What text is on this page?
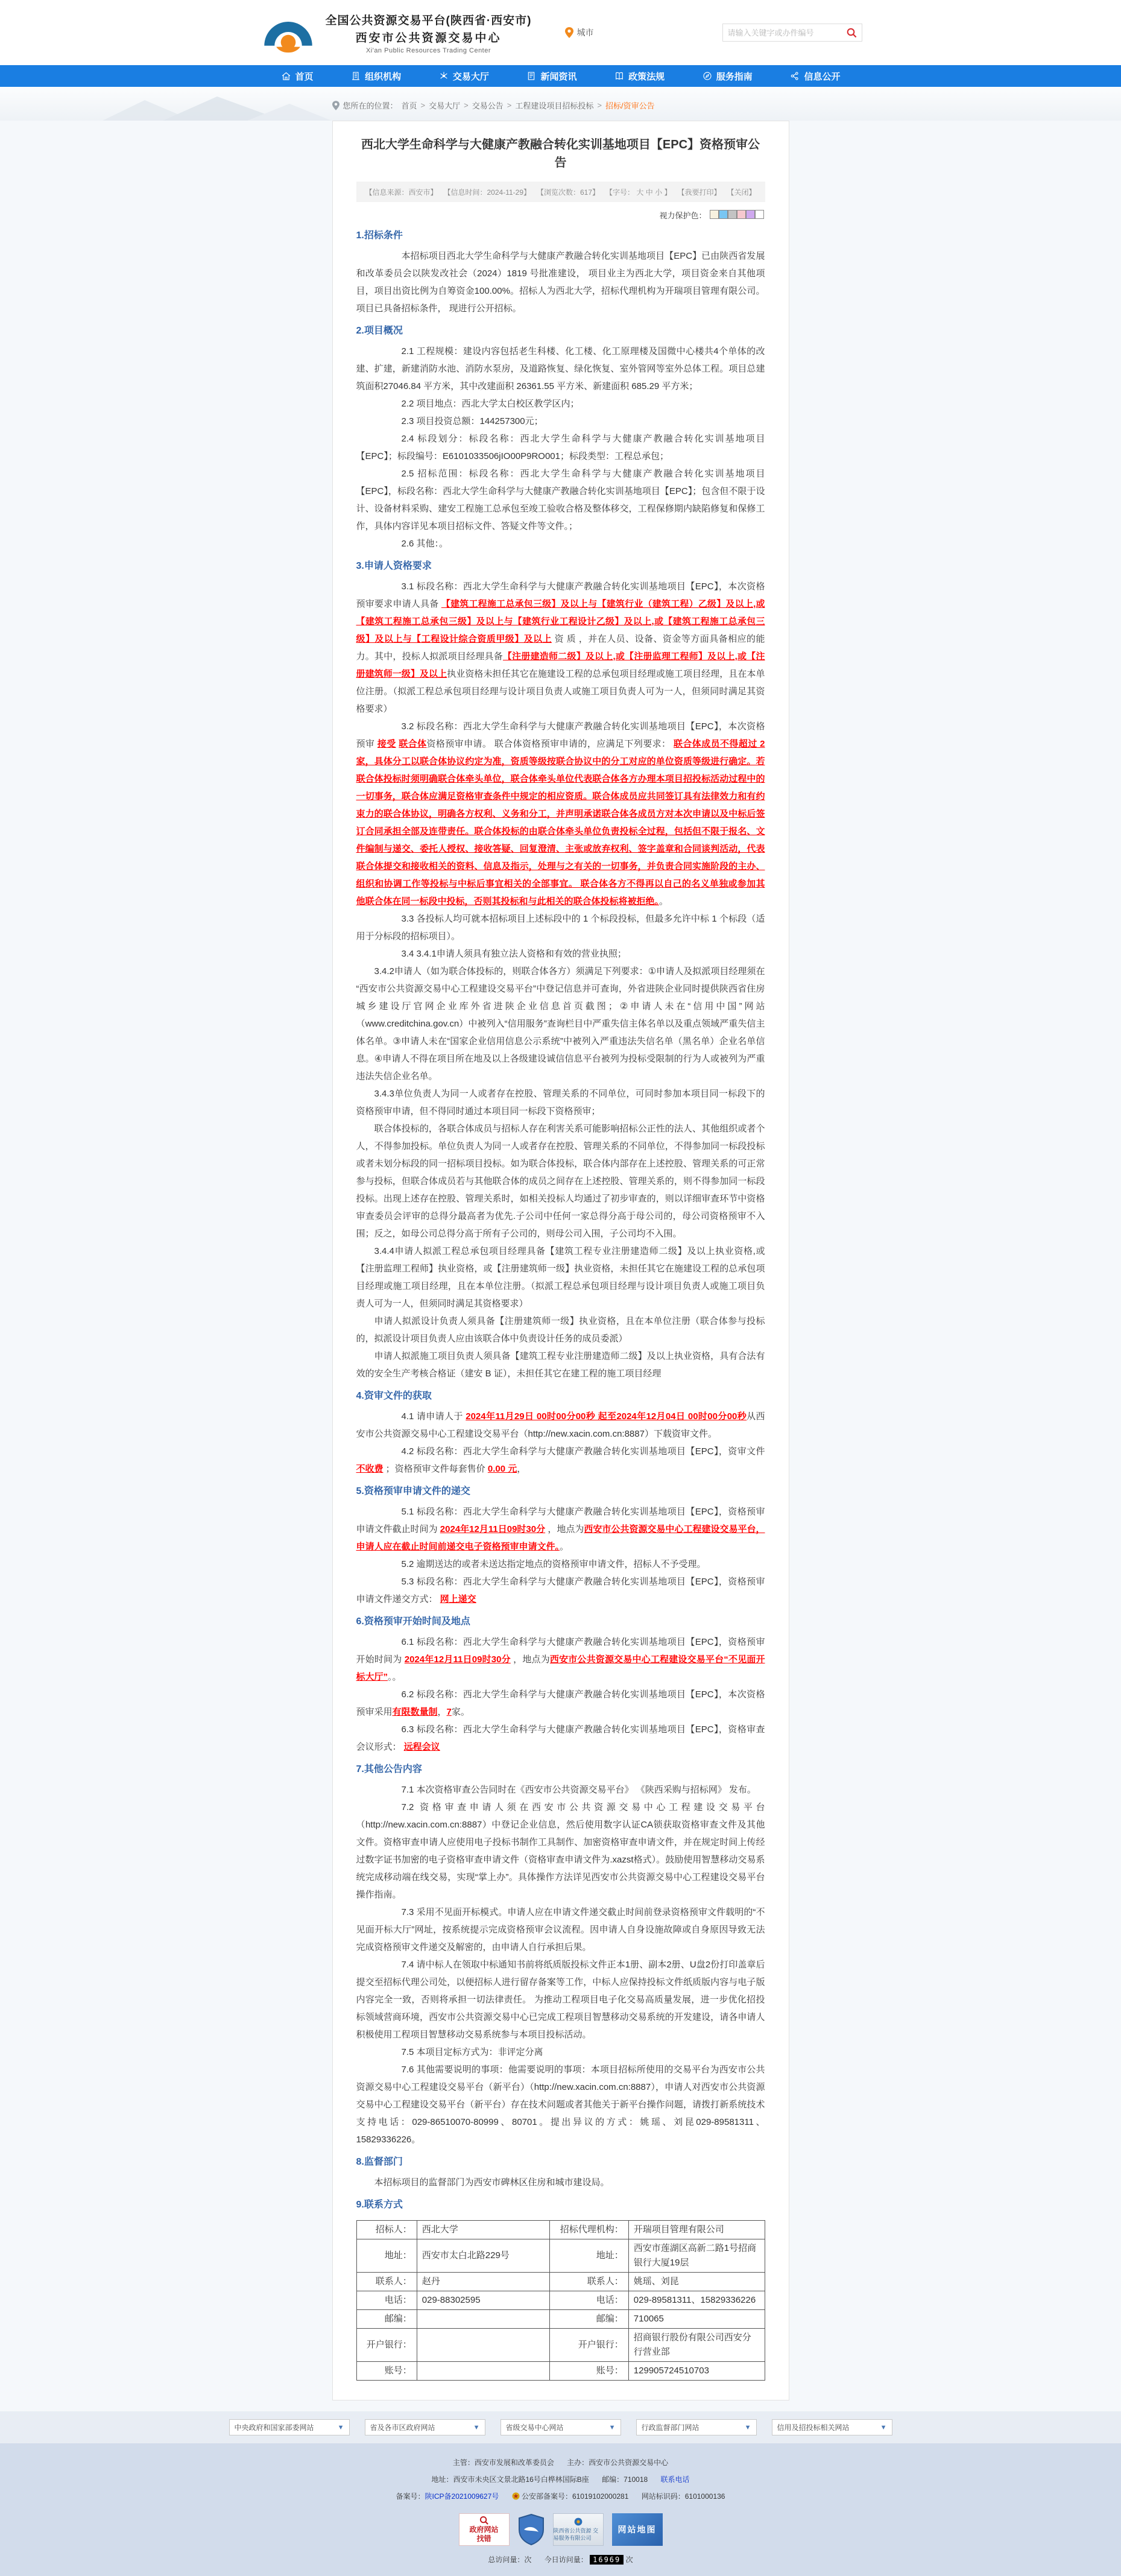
全国公共资源交易平台(陕西省·西安市)
西安市公共资源交易中心
Xi'an Public Resources Trading Center
城市
请输入关键字或办件编号
首页	组织机构	交易大厅	新闻资讯	政策法规	服务指南	信息公开
您所在的位置： 首页 > 交易大厅 > 交易公告 > 工程建设项目招标投标 > 招标/资审公告
西北大学生命科学与大健康产教融合转化实训基地项目【EPC】资格预审公告
【信息来源：西安市】 【信息时间：2024-11-29】 【浏览次数：617】 【字号： 大 中 小 】 【我要打印】 【关闭】
视力保护色：
1.招标条件

本招标项目西北大学生命科学与大健康产教融合转化实训基地项目【EPC】已由陕西省发展和改革委员会以陕发改社会（2024）1819 号批准建设， 项目业主为西北大学，项目资金来自其他项目，项目出资比例为自筹资金100.00%。招标人为西北大学，招标代理机构为开瑞项目管理有限公司。项目已具备招标条件， 现进行公开招标。

2.项目概况

2.1 工程规模：建设内容包括老生科楼、化工楼、化工原理楼及国微中心楼共4个单体的改建、扩建，新建消防水池、消防水泵房，及道路恢复、绿化恢复、室外管网等室外总体工程。项目总建筑面积27046.84 平方米，其中改建面积 26361.55 平方米、新建面积 685.29 平方米；

2.2 项目地点：西北大学太白校区教学区内；

2.3 项目投资总额：144257300元；

2.4 标段划分：标段名称：西北大学生命科学与大健康产教融合转化实训基地项目【EPC】；标段编号：E6101033506jIO00P9RO001；标段类型：工程总承包；

2.5 招标范围：标段名称：西北大学生命科学与大健康产教融合转化实训基地项目【EPC】，标段名称：西北大学生命科学与大健康产教融合转化实训基地项目【EPC】；包含但不限于设计、设备材料采购、建安工程施工总承包至竣工验收合格及整体移交，工程保修期内缺陷修复和保修工作，具体内容详见本项目招标文件、答疑文件等文件。；

2.6 其他：。

3.申请人资格要求

3.1 标段名称：西北大学生命科学与大健康产教融合转化实训基地项目【EPC】，本次资格预审要求申请人具备 【建筑工程施工总承包三级】及以上与【建筑行业（建筑工程）乙级】及以上,或【建筑工程施工总承包三级】及以上与【建筑行业工程设计乙级】及以上,或【建筑工程施工总承包三级】及以上与【工程设计综合资质甲级】及以上 资 质 ，并在人员、设备、资金等方面具备相应的能力。其中，投标人拟派项目经理具备【注册建造师二级】及以上,或【注册监理工程师】及以上,或【注册建筑师一级】及以上执业资格未担任其它在施建设工程的总承包项目经理或施工项目经理，且在本单位注册。（拟派工程总承包项目经理与设计项目负责人或施工项目负责人可为一人，但须同时满足其资格要求）

3.2 标段名称：西北大学生命科学与大健康产教融合转化实训基地项目【EPC】，本次资格预审 接受 联合体资格预审申请。 联合体资格预审申请的，应满足下列要求： 联合体成员不得超过 2 家，具体分工以联合体协议约定为准，资质等级按联合协议中的分工对应的单位资质等级进行确定。若联合体投标时须明确联合体牵头单位，联合体牵头单位代表联合体各方办理本项目招投标活动过程中的一切事务，联合体应满足资格审查条件中规定的相应资质。联合体成员应共同签订具有法律效力和有约束力的联合体协议，明确各方权利、义务和分工，并声明承诺联合体各成员方对本次申请以及中标后签订合同承担全部及连带责任。联合体投标的由联合体牵头单位负责投标全过程，包括但不限于报名、文件编制与递交、委托人授权、接收答疑、回复澄清、主张或放弃权利、签字盖章和合同谈判活动，代表联合体提交和接收相关的资料、信息及指示，处理与之有关的一切事务，并负责合同实施阶段的主办、组织和协调工作等投标与中标后事宜相关的全部事宜。 联合体各方不得再以自己的名义单独或参加其他联合体在同一标段中投标，否则其投标和与此相关的联合体投标将被拒绝。。

3.3 各投标人均可就本招标项目上述标段中的 1 个标段投标，但最多允许中标 1 个标段（适用于分标段的招标项目）。

3.4 3.4.1申请人须具有独立法人资格和有效的营业执照；

3.4.2申请人（如为联合体投标的，则联合体各方）须满足下列要求：①申请人及拟派项目经理须在“西安市公共资源交易中心工程建设交易平台”中登记信息并可查询，外省进陕企业同时提供陕西省住房城乡建设厅官网企业库外省进陕企业信息首页截图；②申请人未在“信用中国”网站（www.creditchina.gov.cn）中被列入“信用服务”查询栏目中严重失信主体名单以及重点领域严重失信主体名单。③申请人未在“国家企业信用信息公示系统”中被列入严重违法失信名单（黑名单）企业名单信息。④申请人不得在项目所在地及以上各级建设诚信信息平台被列为投标受限制的行为人或被列为严重违法失信企业名单。

3.4.3单位负责人为同一人或者存在控股、管理关系的不同单位，可同时参加本项目同一标段下的资格预审申请，但不得同时通过本项目同一标段下资格预审；

联合体投标的，各联合体成员与招标人存在利害关系可能影响招标公正性的法人、其他组织或者个人，不得参加投标。单位负责人为同一人或者存在控股、管理关系的不同单位，不得参加同一标段投标或者未划分标段的同一招标项目投标。如为联合体投标，联合体内部存在上述控股、管理关系的可正常参与投标，但联合体成员若与其他联合体的成员之间存在上述控股、管理关系的，则不得参加同一标段投标。出现上述存在控股、管理关系时，如相关投标人均通过了初步审查的，则以详细审查环节中资格审查委员会评审的总得分最高者为优先.子公司中任何一家总得分高于母公司的，母公司资格预审不入围；反之，如母公司总得分高于所有子公司的，则母公司入围，子公司均不入围。

3.4.4申请人拟派工程总承包项目经理具备【建筑工程专业注册建造师二级】及以上执业资格,或【注册监理工程师】执业资格，或【注册建筑师一级】执业资格，未担任其它在施建设工程的总承包项目经理或施工项目经理，且在本单位注册。（拟派工程总承包项目经理与设计项目负责人或施工项目负责人可为一人，但须同时满足其资格要求）

申请人拟派设计负责人须具备【注册建筑师一级】执业资格，且在本单位注册（联合体参与投标的，拟派设计项目负责人应由该联合体中负责设计任务的成员委派）

申请人拟派施工项目负责人须具备【建筑工程专业注册建造师二级】及以上执业资格，具有合法有效的安全生产考核合格证（建安 B 证），未担任其它在建工程的施工项目经理

4.资审文件的获取

4.1 请申请人于 2024年11月29日 00时00分00秒 起至2024年12月04日 00时00分00秒从西安市公共资源交易中心工程建设交易平台（http://new.xacin.com.cn:8887）下载资审文件。

4.2 标段名称：西北大学生命科学与大健康产教融合转化实训基地项目【EPC】，资审文件 不收费 ；资格预审文件每套售价 0.00 元，

5.资格预审申请文件的递交

5.1 标段名称：西北大学生命科学与大健康产教融合转化实训基地项目【EPC】，资格预审申请文件截止时间为 2024年12月11日09时30分 ，地点为西安市公共资源交易中心工程建设交易平台，申请人应在截止时间前递交电子资格预审申请文件。。

5.2 逾期送达的或者未送达指定地点的资格预审申请文件，招标人不予受理。

5.3 标段名称：西北大学生命科学与大健康产教融合转化实训基地项目【EPC】，资格预审申请文件递交方式： 网上递交

6.资格预审开始时间及地点

6.1 标段名称：西北大学生命科学与大健康产教融合转化实训基地项目【EPC】，资格预审开始时间为 2024年12月11日09时30分 ，地点为西安市公共资源交易中心工程建设交易平台“不见面开标大厅”。。

6.2 标段名称：西北大学生命科学与大健康产教融合转化实训基地项目【EPC】，本次资格预审采用有限数量制，7家。

6.3 标段名称：西北大学生命科学与大健康产教融合转化实训基地项目【EPC】，资格审查会议形式： 远程会议

7.其他公告内容

7.1 本次资格审查公告同时在《西安市公共资源交易平台》 《陕西采购与招标网》 发布。

7.2 资格审查申请人须在西安市公共资源交易中心工程建设交易平台（http://new.xacin.com.cn:8887）中登记企业信息，然后使用数字认证CA锁获取资格审查文件及其他文件。资格审查申请人应使用电子投标书制作工具制作、加密资格审查申请文件，并在规定时间上传经过数字证书加密的电子资格审查申请文件（资格审查申请文件为.xazst格式）。鼓励使用智慧移动交易系统完成移动端在线交易，实现“掌上办”。具体操作方法详见西安市公共资源交易中心工程建设交易平台操作指南。

7.3 采用不见面开标模式。申请人应在申请文件递交截止时间前登录资格预审文件载明的“不见面开标大厅”网址，按系统提示完成资格预审会议流程。因申请人自身设施故障或自身原因导致无法完成资格预审文件递交及解密的，由申请人自行承担后果。

7.4 请中标人在领取中标通知书前将纸质版投标文件正本1册、副本2册、U盘2份打印盖章后提交至招标代理公司处，以便招标人进行留存备案等工作，中标人应保持投标文件纸质版内容与电子版内容完全一致，否则将承担一切法律责任。 为推动工程项目电子化交易高质量发展，进一步优化招投标领域营商环境，西安市公共资源交易中心已完成工程项目智慧移动交易系统的开发建设，请各申请人积极使用工程项目智慧移动交易系统参与本项目投标活动。

7.5 本项目定标方式为：非评定分离

7.6 其他需要说明的事项：他需要说明的事项：本项目招标所使用的交易平台为西安市公共资源交易中心工程建设交易平台（新平台）（http://new.xacin.com.cn:8887），申请人对西安市公共资源交易中心工程建设交易平台（新平台）存在技术问题或者其他关于新平台操作问题，请拨打新系统技术支持电话：029-86510070-80999、80701。提出异议的方式：姚瑶、刘昆029-89581311、15829336226。

8.监督部门

本招标项目的监督部门为西安市碑林区住房和城市建设局。

9.联系方式
招标人：	西北大学	招标代理机构：	开瑞项目管理有限公司
地址：	西安市太白北路229号	地址：	西安市莲湖区高新二路1号招商银行大厦19层
联系人：	赵丹	联系人：	姚瑶、刘昆
电话：	029-88302595	电话：	029-89581311、15829336226
邮编：		邮编：	710065
开户银行：		开户银行：	招商银行股份有限公司西安分行营业部
账号：		账号：	129905724510703
中央政府和国家部委网站	▼	省及各市区政府网站	▼	省级交易中心网站	▼	行政监督部门网站	▼	信用及招投标相关网站	▼
主管：西安市发展和改革委员会 主办：西安市公共资源交易中心
地址：西安市未央区文景北路16号白桦林国际B座 邮编：710018 联系电话
备案号：陕ICP备2021009627号	公安部备案号：61019102000281 网站标识码：6101000136
政府网站
找错
陕西省公共资源 交易服务有限公司
网站地图
总访问量：次 今日访问量： 16969 次
